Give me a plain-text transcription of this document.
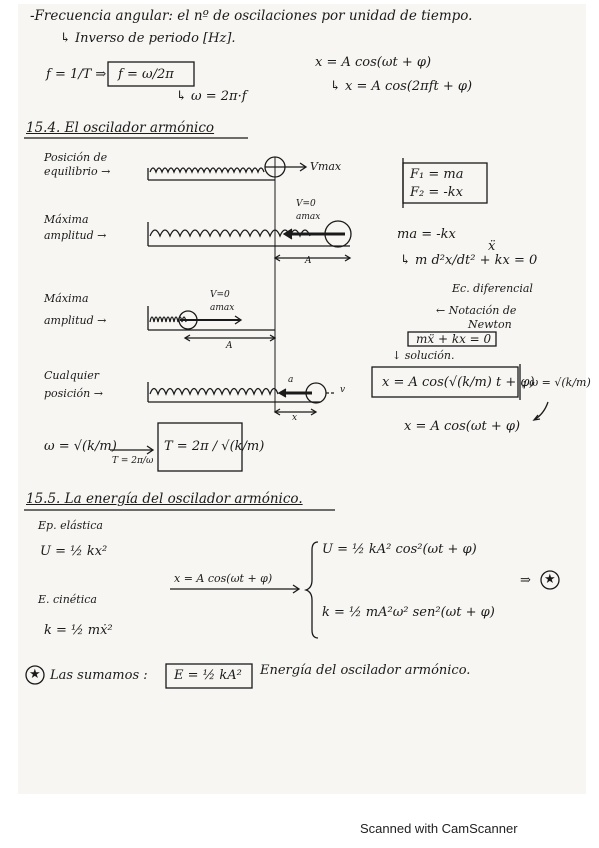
-Frecuencia angular: el nº de oscilaciones por unidad de tiempo.
↳ Inverso de periodo [Hz].
f = 1/T ⇒ f = ω/2π
↳ ω = 2π·f
x = A cos(ωt + φ)
↳ x = A cos(2πft + φ)
15.4. El oscilador armónico
Posición de
equilibrio →	Vmax
F₁ = ma
F₂ = -kx
V=0
amax
Máxima
amplitud →
A
ma = -kx
ẍ
↳ m d²x/dt² + kx = 0
Ec. diferencial
← Notación de
Newton
mẍ + kx = 0
↓ solución.
Máxima
amplitud →
V=0
amax
A
Cualquier
posición →
a
v
x
x = A cos(√(k/m) t + φ)
; ω = √(k/m)
x = A cos(ωt + φ)
ω = √(k/m)
T = 2π/ω
T = 2π / √(k/m)
15.5. La energía del oscilador armónico.
Ep. elástica
U = ½ kx²
x = A cos(ωt + φ)
E. cinética
k = ½ mẋ²
U = ½ kA² cos²(ωt + φ)
k = ½ mA²ω² sen²(ωt + φ)
⇒ ★
★ Las sumamos : E = ½ kA² Energía del oscilador armónico.
Scanned with CamScanner
